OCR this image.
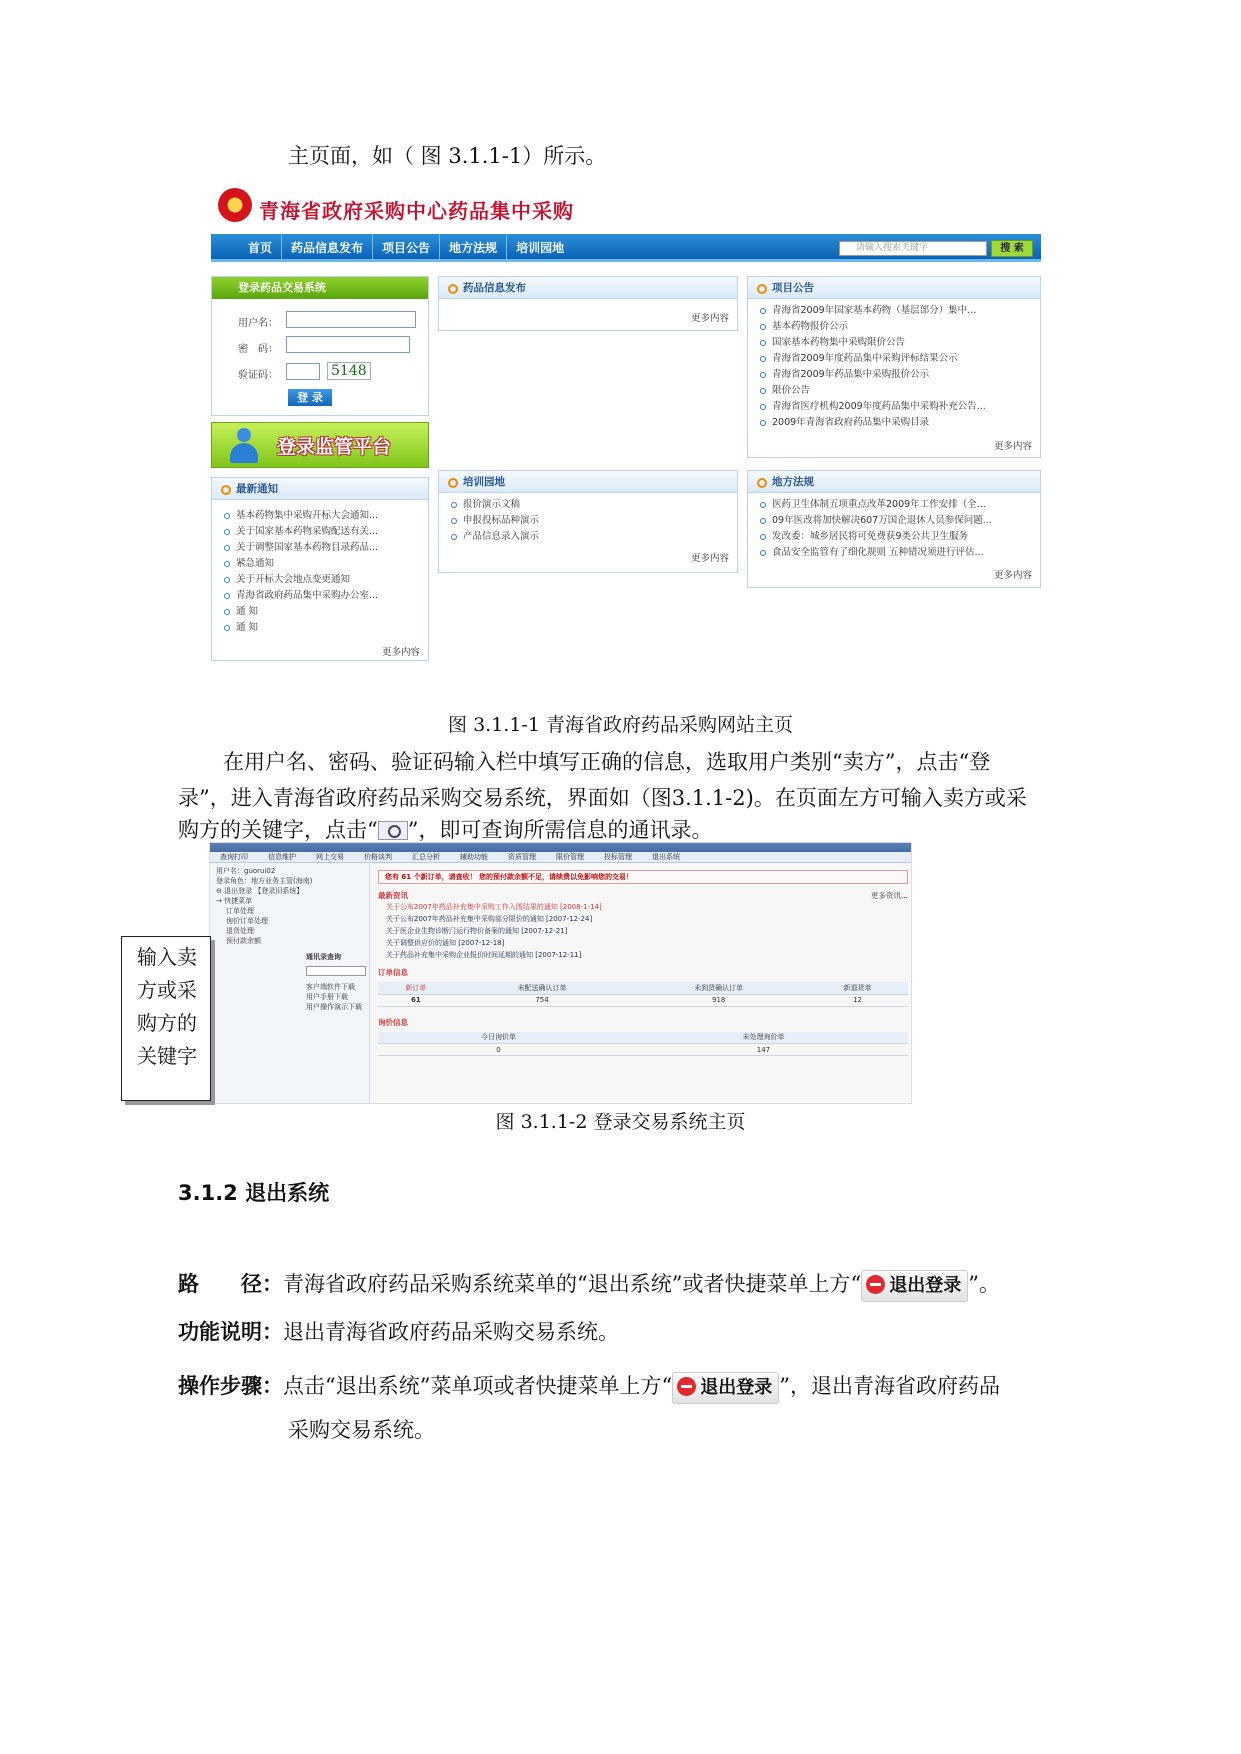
主页面，如（ 图 3.1.1-1）所示。
青海省政府采购中心药品集中采购
首页 药品信息发布 项目公告 地方法规 培训园地	请输入搜索关键字	搜 索
登录药品交易系统
用户名：
密　码：
验证码：	5148
登 录
登录监管平台
最新通知
基本药物集中采购开标大会通知...
关于国家基本药物采购配送有关...
关于调整国家基本药物目录药品...
紧急通知
关于开标大会地点变更通知
青海省政府药品集中采购办公室...
通 知
通 知
更多内容
药品信息发布
更多内容
项目公告
青海省2009年国家基本药物（基层部分）集中...
基本药物报价公示
国家基本药物集中采购限价公告
青海省2009年度药品集中采购评标结果公示
青海省2009年药品集中采购报价公示
限价公告
青海省医疗机构2009年度药品集中采购补充公告...
2009年青海省政府药品集中采购目录
更多内容
培训园地
报价演示文稿
申报投标品种演示
产品信息录入演示
更多内容
地方法规
医药卫生体制五项重点改革2009年工作安排（全...
09年医改将加快解决607万国企退休人员参保问题...
发改委：城乡居民将可免费获9类公共卫生服务
食品安全监管有了细化规则 五种错况须进行评估...
更多内容
图 3.1.1-1 青海省政府药品采购网站主页
在用户名、密码、验证码输入栏中填写正确的信息，选取用户类别“卖方”，点击“登
录”，进入青海省政府药品采购交易系统，界面如（图3.1.1-2)。在页面左方可输入卖方或采
购方的关键字，点击“ ”，即可查询所需信息的通讯录。
查询打印	信息维护	网上交易	价格谈判	汇总分析	辅助功能	资质管理	限价管理	投标管理	退出系统
用户名：guorui02
登录角色：地方业务主管(海南)
⊖ 退出登录 【登录旧系统】
→ 快捷菜单
订单处理
询价订单处理
退货处理
预付款余额
通讯录查询
客户端软件下载
用户手册下载
用户操作演示下载
您有 61 个新订单，请查收！ 您的预付款余额不足，请续费以免影响您的交易！
最新资讯	更多资讯...
关于公布2007年药品补充集中采购工作入围结果的通知 [2008-1-14]
关于公布2007年药品补充集中采购部分限价的通知 [2007-12-24]
关于医企业生物诊断门运行物价备案的通知 [2007-12-21]
关于调整供应价的通知 [2007-12-18]
关于药品补充集中采购企业报价时间延期的通知 [2007-12-11]
订单信息
新订单	未配送确认订单	未到货确认订单	新退货单
61	754	918	12
询价信息
今日询价单	未处理询价单
0	147
输入卖
方或采
购方的
关键字
图 3.1.1-2 登录交易系统主页
3.1.2 退出系统
路　　径：青海省政府药品采购系统菜单的“退出系统”或者快捷菜单上方“ 退出登录 ”。
功能说明：退出青海省政府药品采购交易系统。
操作步骤：点击“退出系统”菜单项或者快捷菜单上方“ 退出登录 ”，退出青海省政府药品
采购交易系统。
